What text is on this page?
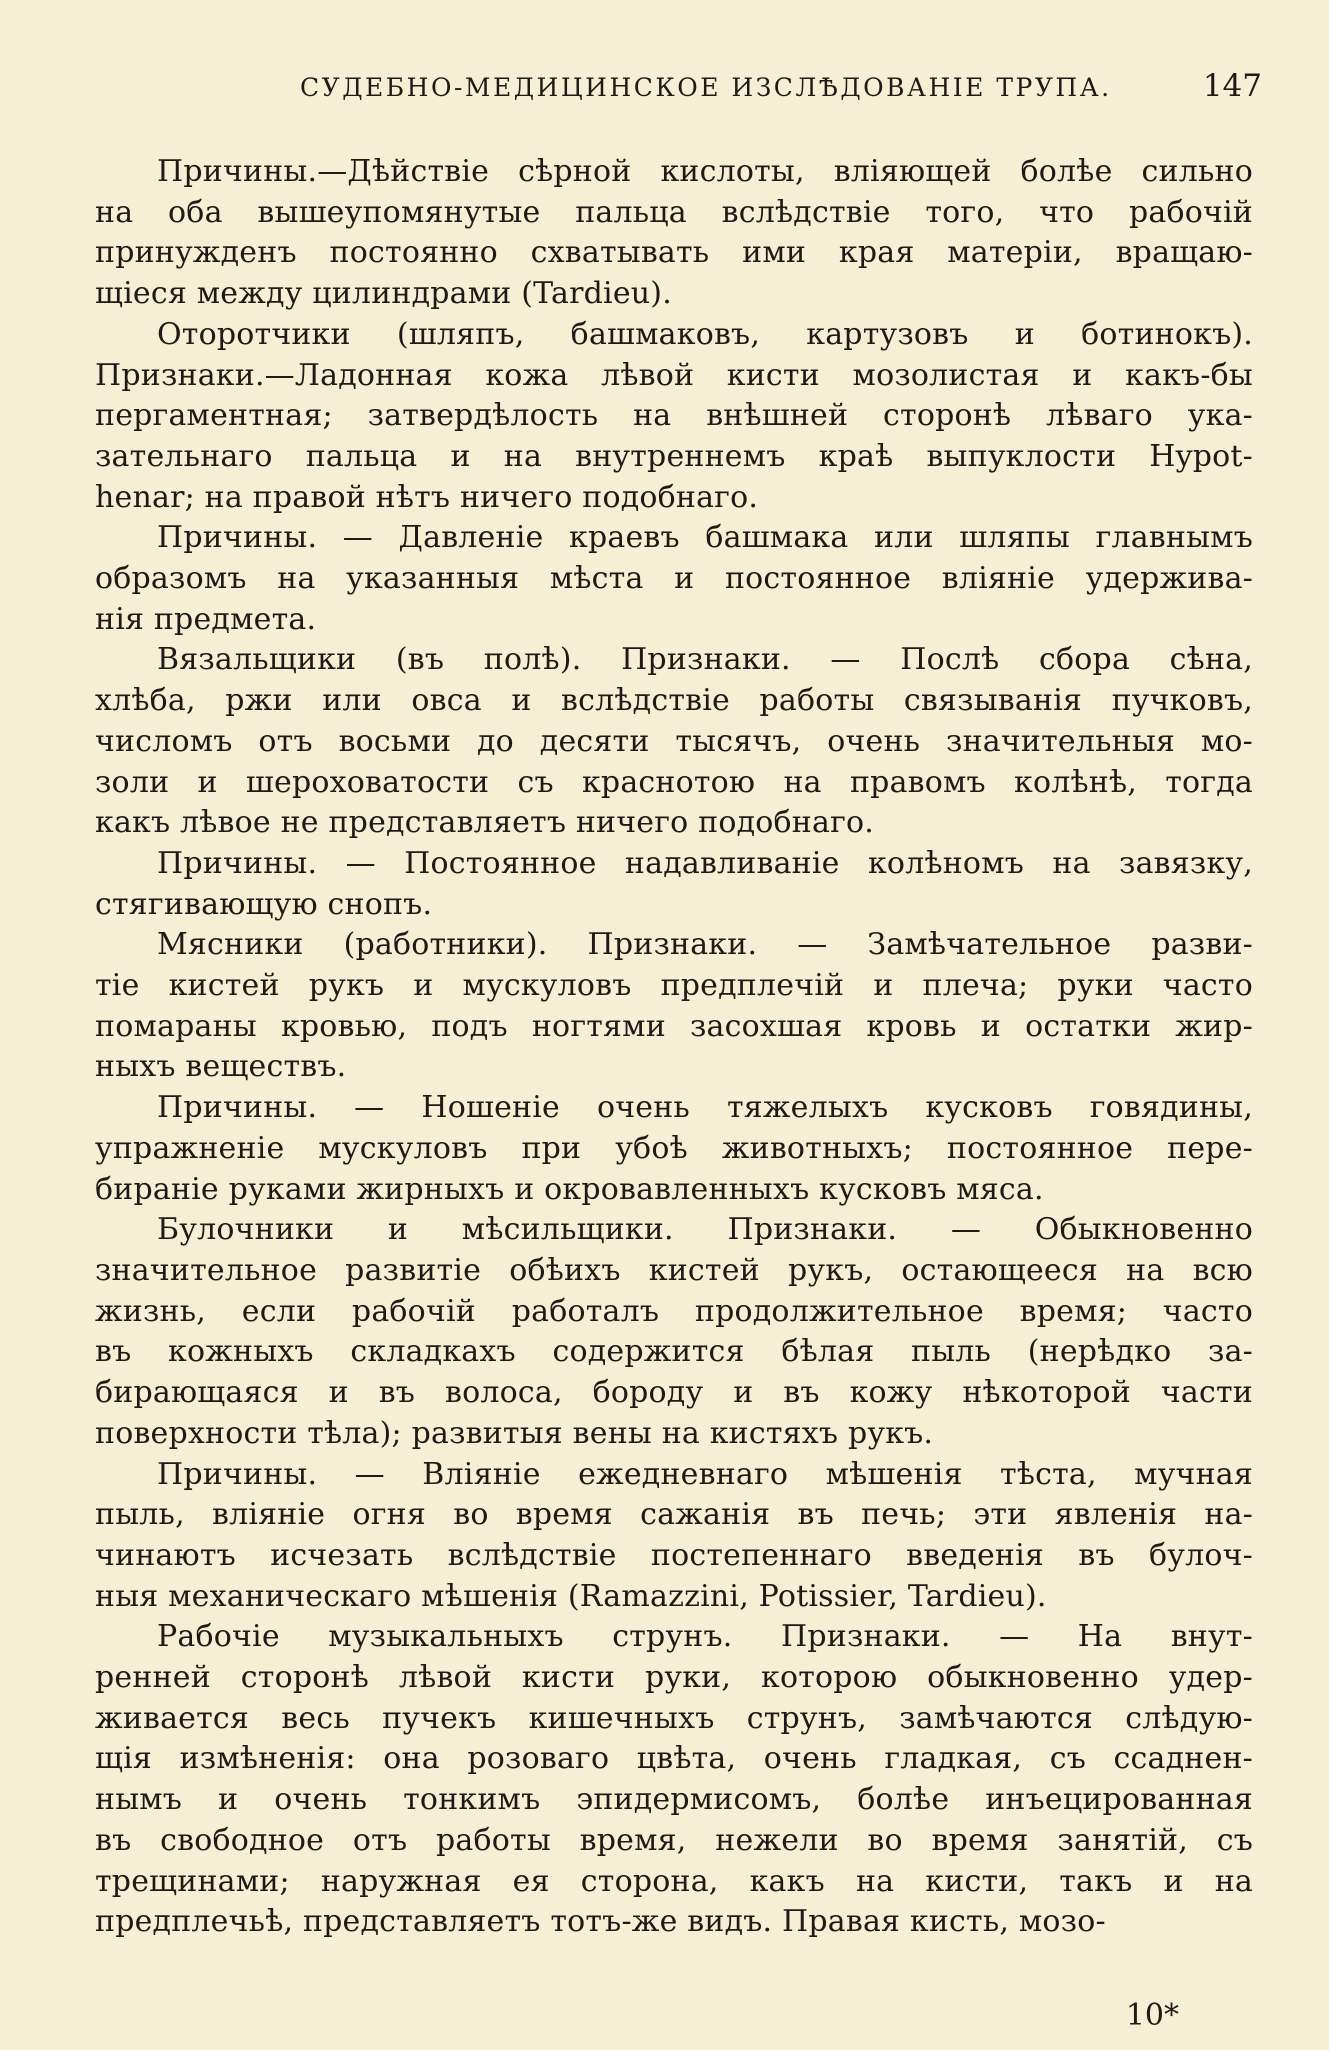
СУДЕБНО-МЕДИЦИНСКОЕ ИЗСЛѢДОВАНІЕ ТРУПА.	147

Причины.—Дѣйствіе сѣрной кислоты, вліяющей болѣе сильно
на оба вышеупомянутые пальца вслѣдствіе того, что рабочій
принужденъ постоянно схватывать ими края матеріи, вращаю-
щіеся между цилиндрами (Tardieu).

Оторотчики (шляпъ, башмаковъ, картузовъ и ботинокъ).
Признаки.—Ладонная кожа лѣвой кисти мозолистая и какъ-бы
пергаментная; затвердѣлость на внѣшней сторонѣ лѣваго ука-
зательнаго пальца и на внутреннемъ краѣ выпуклости Hypot-
henar; на правой нѣтъ ничего подобнаго.

Причины. — Давленіе краевъ башмака или шляпы главнымъ
образомъ на указанныя мѣста и постоянное вліяніе удержива-
нія предмета.

Вязальщики (въ полѣ). Признаки. — Послѣ сбора сѣна,
хлѣба, ржи или овса и вслѣдствіе работы связыванія пучковъ,
числомъ отъ восьми до десяти тысячъ, очень значительныя мо-
золи и шероховатости съ краснотою на правомъ колѣнѣ, тогда
какъ лѣвое не представляетъ ничего подобнаго.

Причины. — Постоянное надавливаніе колѣномъ на завязку,
стягивающую снопъ.

Мясники (работники). Признаки. — Замѣчательное разви-
тіе кистей рукъ и мускуловъ предплечій и плеча; руки часто
помараны кровью, подъ ногтями засохшая кровь и остатки жир-
ныхъ веществъ.

Причины. — Ношеніе очень тяжелыхъ кусковъ говядины,
упражненіе мускуловъ при убоѣ животныхъ; постоянное пере-
бираніе руками жирныхъ и окровавленныхъ кусковъ мяса.

Булочники и мѣсильщики. Признаки. — Обыкновенно
значительное развитіе обѣихъ кистей рукъ, остающееся на всю
жизнь, если рабочій работалъ продолжительное время; часто
въ кожныхъ складкахъ содержится бѣлая пыль (нерѣдко за-
бирающаяся и въ волоса, бороду и въ кожу нѣкоторой части
поверхности тѣла); развитыя вены на кистяхъ рукъ.

Причины. — Вліяніе ежедневнаго мѣшенія тѣста, мучная
пыль, вліяніе огня во время сажанія въ печь; эти явленія на-
чинаютъ исчезать вслѣдствіе постепеннаго введенія въ булоч-
ныя механическаго мѣшенія (Ramazzini, Potissier, Tardieu).

Рабочіе музыкальныхъ струнъ. Признаки. — На внут-
ренней сторонѣ лѣвой кисти руки, которою обыкновенно удер-
живается весь пучекъ кишечныхъ струнъ, замѣчаются слѣдую-
щія измѣненія: она розоваго цвѣта, очень гладкая, съ ссаднен-
нымъ и очень тонкимъ эпидермисомъ, болѣе инъецированная
въ свободное отъ работы время, нежели во время занятій, съ
трещинами; наружная ея сторона, какъ на кисти, такъ и на
предплечьѣ, представляетъ тотъ-же видъ. Правая кисть, мозо-

10*
